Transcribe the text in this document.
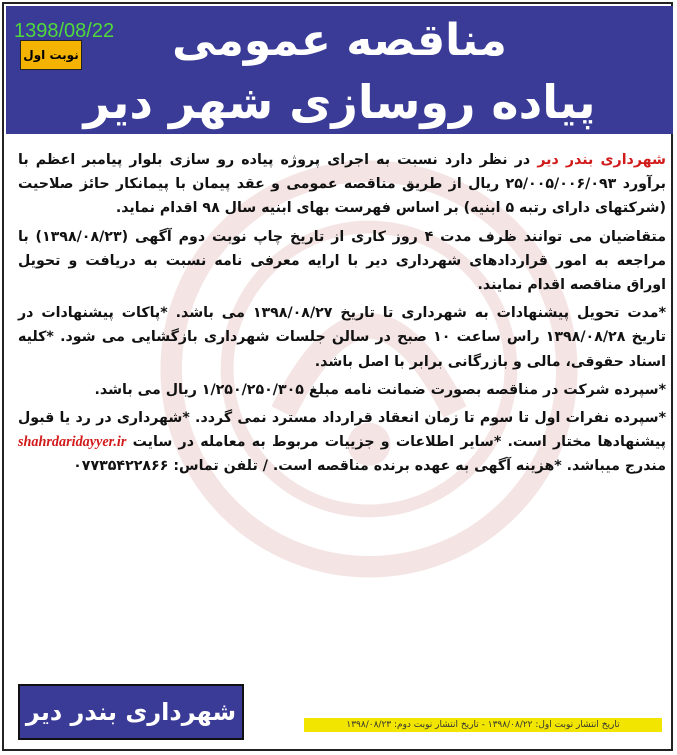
مناقصه عمومی
پیاده روسازی شهر دیر
نوبت اول
1398/08/22

شهرداری بندر دیر در نظر دارد نسبت به اجرای پروژه پیاده رو سازی بلوار پیامبر اعظم با برآورد ۲۵/۰۰۵/۰۰۶/۰۹۳ ریال از طریق مناقصه عمومی و عقد پیمان با پیمانکار حائز صلاحیت (شرکتهای دارای رتبه ۵ ابنیه) بر اساس فهرست بهای ابنیه سال ۹۸ اقدام نماید.

متقاضیان می توانند ظرف مدت ۴ روز کاری از تاریخ چاپ نوبت دوم آگهی (۱۳۹۸/۰۸/۲۳) با مراجعه به امور قراردادهای شهرداری دیر با ارایه معرفی نامه نسبت به دریافت و تحویل اوراق مناقصه اقدام نمایند.

*مدت تحویل پیشنهادات به شهرداری تا تاریخ ۱۳۹۸/۰۸/۲۷ می باشد. *پاکات پیشنهادات در تاریخ ۱۳۹۸/۰۸/۲۸ راس ساعت ۱۰ صبح در سالن جلسات شهرداری بازگشایی می شود. *کلیه اسناد حقوقی، مالی و بازرگانی برابر با اصل باشد.

*سپرده شرکت در مناقصه بصورت ضمانت نامه مبلغ ۱/۲۵۰/۲۵۰/۳۰۵ ریال می باشد.

*سپرده نفرات اول تا سوم تا زمان انعقاد قرارداد مسترد نمی گردد. *شهرداری در رد یا قبول پیشنهادها مختار است. *سایر اطلاعات و جزییات مربوط به معامله در سایت shahrdaridayyer.ir مندرج میباشد. *هزینه آگهی به عهده برنده مناقصه است. / تلفن تماس: ۰۷۷۳۵۴۲۲۸۶۶

شهرداری بندر دیر	تاریخ انتشار نوبت اول: ۱۳۹۸/۰۸/۲۲ - تاریخ انتشار نوبت دوم: ۱۳۹۸/۰۸/۲۳
